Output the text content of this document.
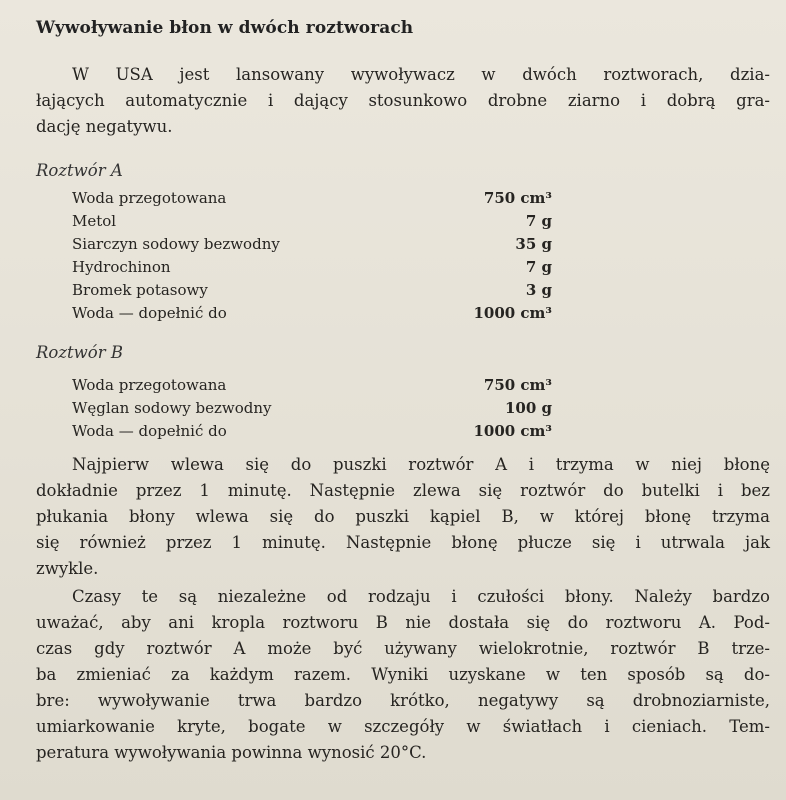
Wywoływanie błon w dwóch roztworach
W USA jest lansowany wywoływacz w dwóch roztworach, dzia-
łających automatycznie i dający stosunkowo drobne ziarno i dobrą gra-
dację negatywu.
Roztwór A
Woda przegotowana	750 cm³
Metol	7 g
Siarczyn sodowy bezwodny	35 g
Hydrochinon	7 g
Bromek potasowy	3 g
Woda — dopełnić do	1000 cm³
Roztwór B
Woda przegotowana	750 cm³
Węglan sodowy bezwodny	100 g
Woda — dopełnić do	1000 cm³
Najpierw wlewa się do puszki roztwór A i trzyma w niej błonę
dokładnie przez 1 minutę. Następnie zlewa się roztwór do butelki i bez
płukania błony wlewa się do puszki kąpiel B, w której błonę trzyma
się również przez 1 minutę. Następnie błonę płucze się i utrwala jak
zwykle.
Czasy te są niezależne od rodzaju i czułości błony. Należy bardzo
uważać, aby ani kropla roztworu B nie dostała się do roztworu A. Pod-
czas gdy roztwór A może być używany wielokrotnie, roztwór B trze-
ba zmieniać za każdym razem. Wyniki uzyskane w ten sposób są do-
bre: wywoływanie trwa bardzo krótko, negatywy są drobnoziarniste,
umiarkowanie kryte, bogate w szczegóły w światłach i cieniach. Tem-
peratura wywoływania powinna wynosić 20°C.
